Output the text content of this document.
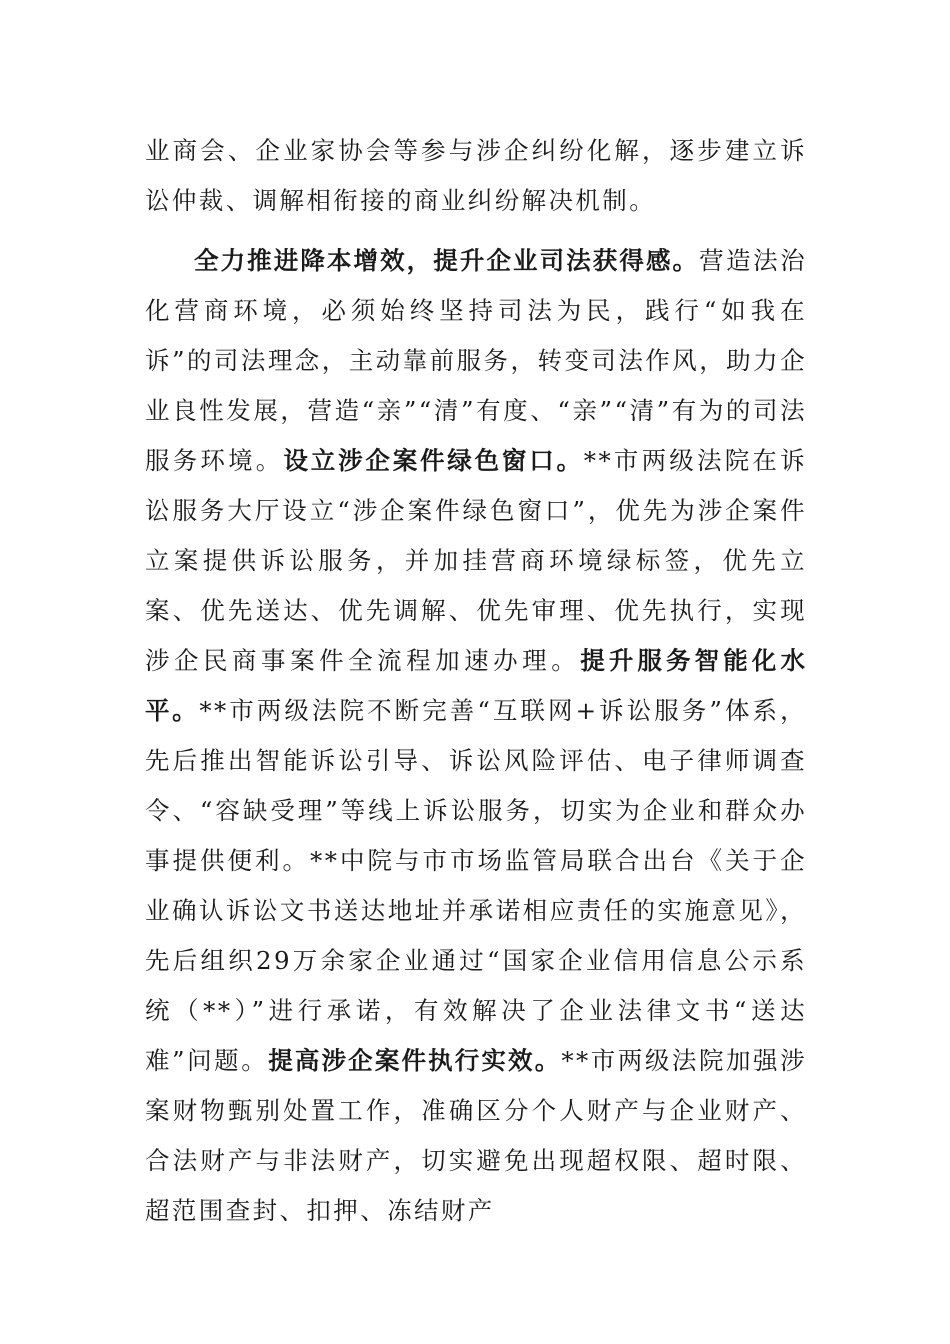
业商会、企业家协会等参与涉企纠纷化解，逐步建立诉讼仲裁、调解相衔接的商业纠纷解决机制。

全力推进降本增效，提升企业司法获得感。营造法治化营商环境，必须始终坚持司法为民，践行“如我在诉”的司法理念，主动靠前服务，转变司法作风，助力企业良性发展，营造“亲”“清”有度、“亲”“清”有为的司法服务环境。设立涉企案件绿色窗口。**市两级法院在诉讼服务大厅设立“涉企案件绿色窗口”，优先为涉企案件立案提供诉讼服务，并加挂营商环境绿标签，优先立案、优先送达、优先调解、优先审理、优先执行，实现涉企民商事案件全流程加速办理。提升服务智能化水平。**市两级法院不断完善“互联网+诉讼服务”体系，先后推出智能诉讼引导、诉讼风险评估、电子律师调查令、“容缺受理”等线上诉讼服务，切实为企业和群众办事提供便利。**中院与市市场监管局联合出台《关于企业确认诉讼文书送达地址并承诺相应责任的实施意见》，先后组织29万余家企业通过“国家企业信用信息公示系统（**）”进行承诺，有效解决了企业法律文书“送达难”问题。提高涉企案件执行实效。**市两级法院加强涉案财物甄别处置工作，准确区分个人财产与企业财产、合法财产与非法财产，切实避免出现超权限、超时限、超范围查封、扣押、冻结财产
